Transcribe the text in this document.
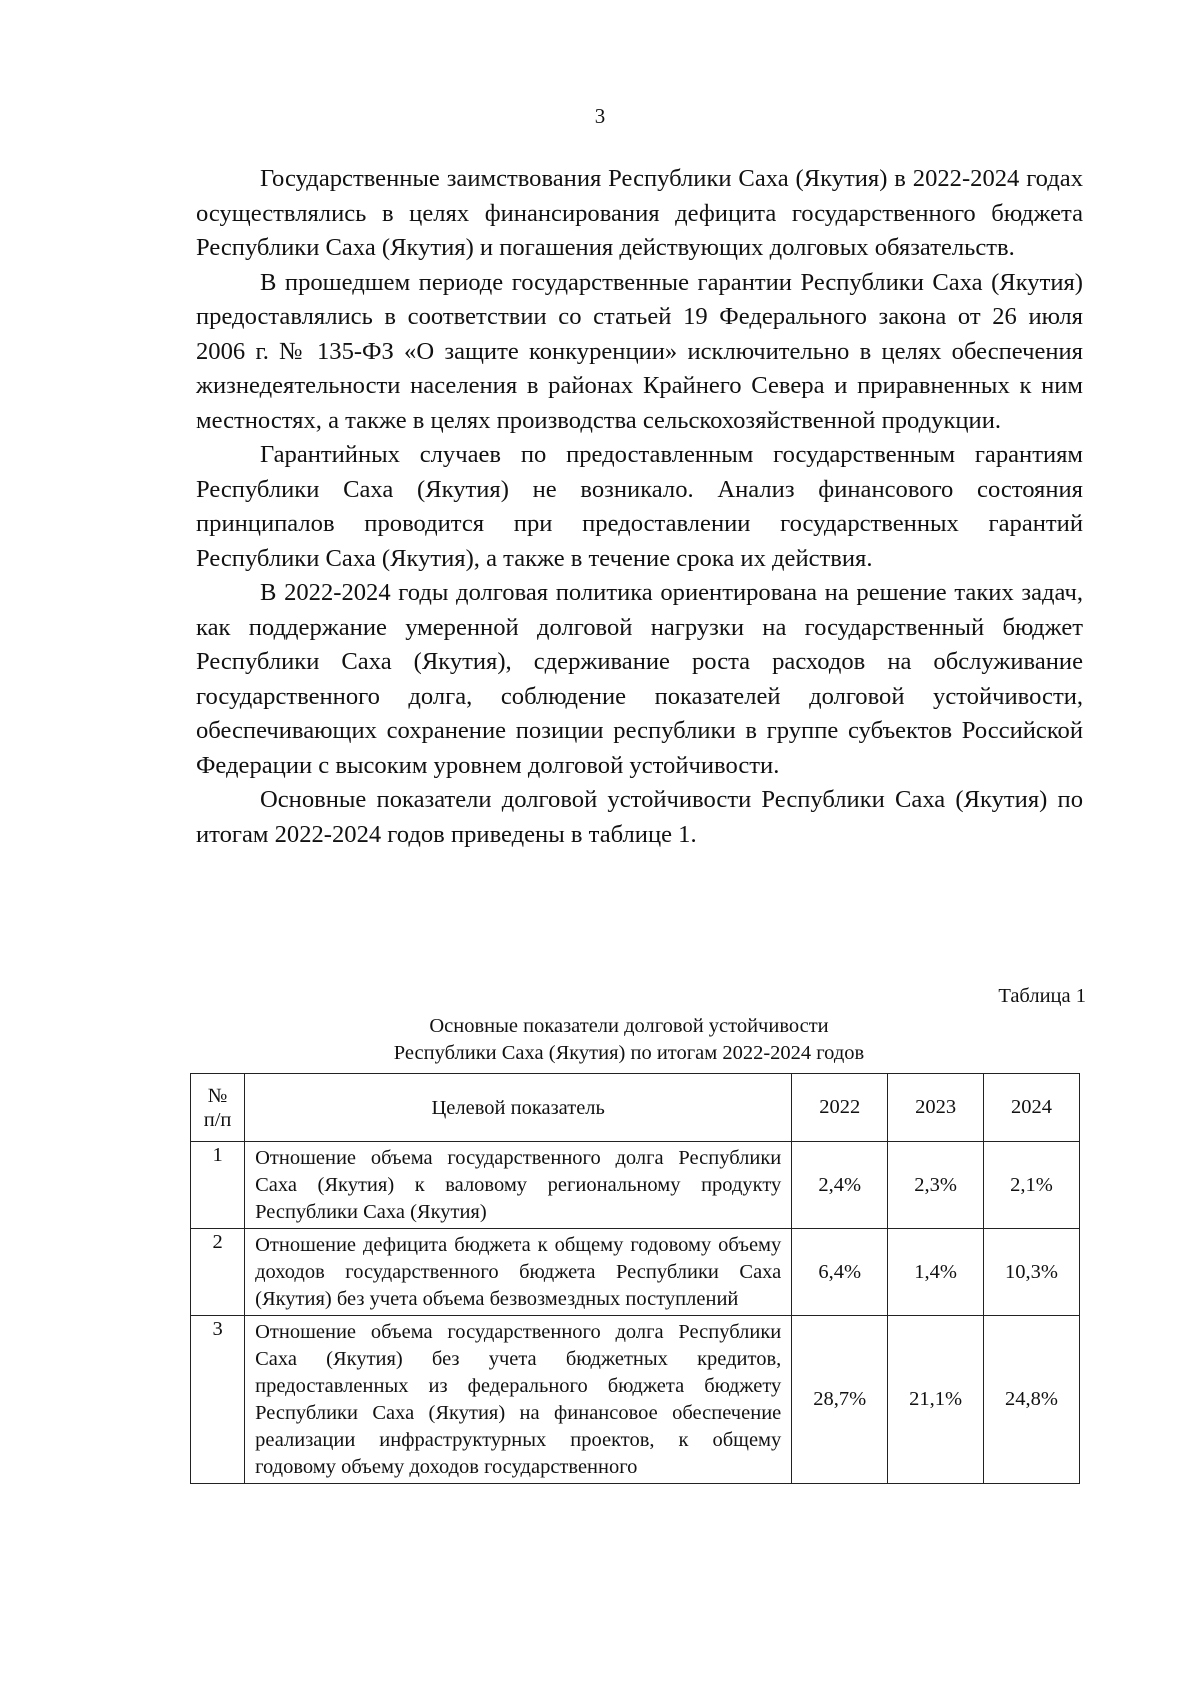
3

Государственные заимствования Республики Саха (Якутия) в 2022-2024 годах осуществлялись в целях финансирования дефицита государственного бюджета Республики Саха (Якутия) и погашения действующих долговых обязательств.

В прошедшем периоде государственные гарантии Республики Саха (Якутия) предоставлялись в соответствии со статьей 19 Федерального закона от 26 июля 2006 г. № 135-ФЗ «О защите конкуренции» исключительно в целях обеспечения жизнедеятельности населения в районах Крайнего Севера и приравненных к ним местностях, а также в целях производства сельскохозяйственной продукции.

Гарантийных случаев по предоставленным государственным гарантиям Республики Саха (Якутия) не возникало. Анализ финансового состояния принципалов проводится при предоставлении государственных гарантий Республики Саха (Якутия), а также в течение срока их действия.

В 2022-2024 годы долговая политика ориентирована на решение таких задач, как поддержание умеренной долговой нагрузки на государственный бюджет Республики Саха (Якутия), сдерживание роста расходов на обслуживание государственного долга, соблюдение показателей долговой устойчивости, обеспечивающих сохранение позиции республики в группе субъектов Российской Федерации с высоким уровнем долговой устойчивости.

Основные показатели долговой устойчивости Республики Саха (Якутия) по итогам 2022-2024 годов приведены в таблице 1.

Таблица 1
Основные показатели долговой устойчивости
Республики Саха (Якутия) по итогам 2022-2024 годов
№
п/п	Целевой показатель	2022	2023	2024
1	Отношение объема государственного долга Республики Саха (Якутия) к валовому региональному продукту Республики Саха (Якутия)	2,4%	2,3%	2,1%
2	Отношение дефицита бюджета к общему годовому объему доходов государственного бюджета Республики Саха (Якутия) без учета объема безвозмездных поступлений	6,4%	1,4%	10,3%
3	Отношение объема государственного долга Республики Саха (Якутия) без учета бюджетных кредитов, предоставленных из федерального бюджета бюджету Республики Саха (Якутия) на финансовое обеспечение реализации инфраструктурных проектов, к общему годовому объему доходов государственного	28,7%	21,1%	24,8%
